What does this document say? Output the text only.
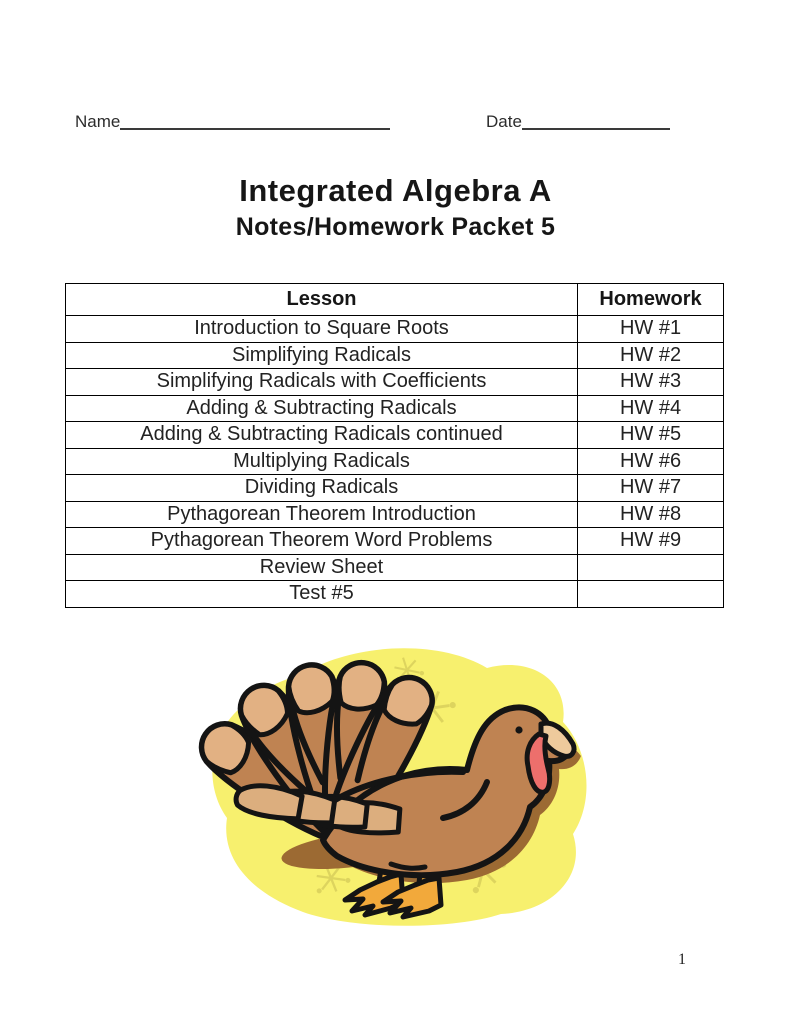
Name	Date
Integrated Algebra A
Notes/Homework Packet 5
Lesson	Homework
Introduction to Square Roots	HW #1
Simplifying Radicals	HW #2
Simplifying Radicals with Coefficients	HW #3
Adding & Subtracting Radicals	HW #4
Adding & Subtracting Radicals continued	HW #5
Multiplying Radicals	HW #6
Dividing Radicals	HW #7
Pythagorean Theorem Introduction	HW #8
Pythagorean Theorem Word Problems	HW #9
Review Sheet	
Test #5	
1
